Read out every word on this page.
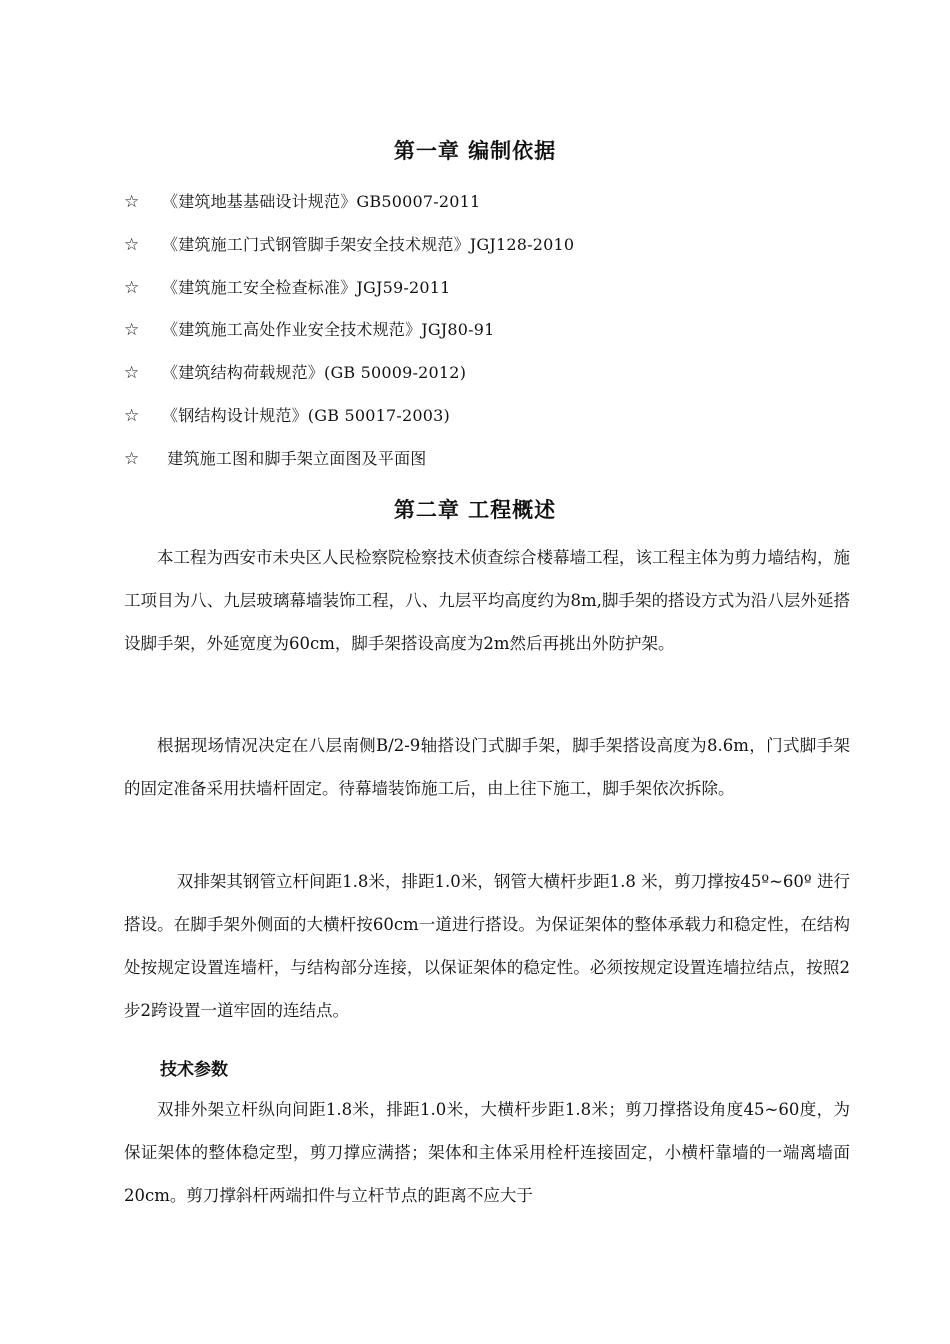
第一章 编制依据
☆ 《建筑地基基础设计规范》GB50007-2011
☆ 《建筑施工门式钢管脚手架安全技术规范》JGJ128-2010
☆ 《建筑施工安全检查标准》JGJ59-2011
☆ 《建筑施工高处作业安全技术规范》JGJ80-91
☆ 《建筑结构荷载规范》(GB 50009-2012)
☆ 《钢结构设计规范》(GB 50017-2003)
☆ 建筑施工图和脚手架立面图及平面图
第二章 工程概述

本工程为西安市未央区人民检察院检察技术侦查综合楼幕墙工程，该工程主体为剪力墙结构，施工项目为八、九层玻璃幕墙装饰工程，八、九层平均高度约为8m,脚手架的搭设方式为沿八层外延搭设脚手架，外延宽度为60cm，脚手架搭设高度为2m然后再挑出外防护架。

根据现场情况决定在八层南侧B/2-9轴搭设门式脚手架，脚手架搭设高度为8.6m，门式脚手架的固定准备采用扶墙杆固定。待幕墙装饰施工后，由上往下施工，脚手架依次拆除。

双排架其钢管立杆间距1.8米，排距1.0米，钢管大横杆步距1.8 米，剪刀撑按45º~60º 进行搭设。在脚手架外侧面的大横杆按60cm一道进行搭设。为保证架体的整体承载力和稳定性，在结构处按规定设置连墙杆，与结构部分连接，以保证架体的稳定性。必须按规定设置连墙拉结点，按照2步2跨设置一道牢固的连结点。

技术参数

双排外架立杆纵向间距1.8米，排距1.0米，大横杆步距1.8米；剪刀撑搭设角度45~60度，为保证架体的整体稳定型，剪刀撑应满搭；架体和主体采用栓杆连接固定，小横杆靠墙的一端离墙面20cm。剪刀撑斜杆两端扣件与立杆节点的距离不应大于
